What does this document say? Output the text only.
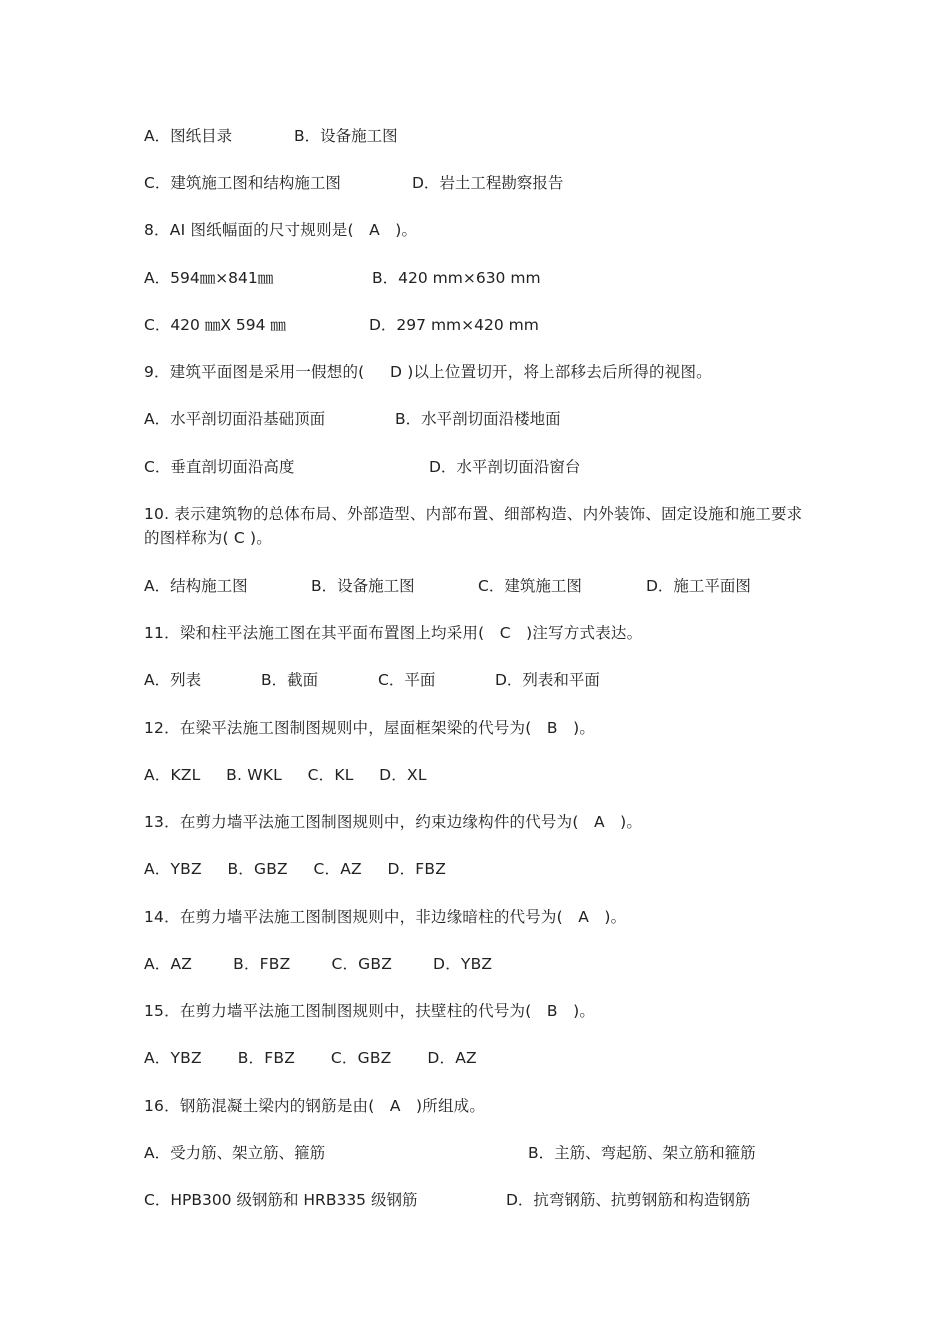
A．图纸目录	B．设备施工图
C．建筑施工图和结构施工图	D．岩土工程勘察报告
8．AI 图纸幅面的尺寸规则是(   A   )。
A．594㎜×841㎜	B．420 mm×630 mm
C．420 ㎜X 594 ㎜	D．297 mm×420 mm
9．建筑平面图是采用一假想的(     D )以上位置切开，将上部移去后所得的视图。
A．水平剖切面沿基础顶面	B．水平剖切面沿楼地面
C．垂直剖切面沿高度	D．水平剖切面沿窗台
10. 表示建筑物的总体布局、外部造型、内部布置、细部构造、内外装饰、固定设施和施工要求的图样称为( C )。
A．结构施工图	B．设备施工图	C．建筑施工图	D．施工平面图
11．梁和柱平法施工图在其平面布置图上均采用(   C   )注写方式表达。
A．列表	B．截面	C．平面	D．列表和平面
12．在梁平法施工图制图规则中，屋面框架梁的代号为(   B   )。
A．KZL     B. WKL     C．KL     D．XL
13．在剪力墙平法施工图制图规则中，约束边缘构件的代号为(   A   )。
A．YBZ     B．GBZ     C．AZ     D．FBZ
14．在剪力墙平法施工图制图规则中，非边缘暗柱的代号为(   A   )。
A．AZ        B．FBZ        C．GBZ        D．YBZ
15．在剪力墙平法施工图制图规则中，扶壁柱的代号为(   B   )。
A．YBZ       B．FBZ       C．GBZ       D．AZ
16．钢筋混凝土梁内的钢筋是由(   A   )所组成。
A．受力筋、架立筋、箍筋	B．主筋、弯起筋、架立筋和箍筋
C．HPB300 级钢筋和 HRB335 级钢筋	D．抗弯钢筋、抗剪钢筋和构造钢筋
